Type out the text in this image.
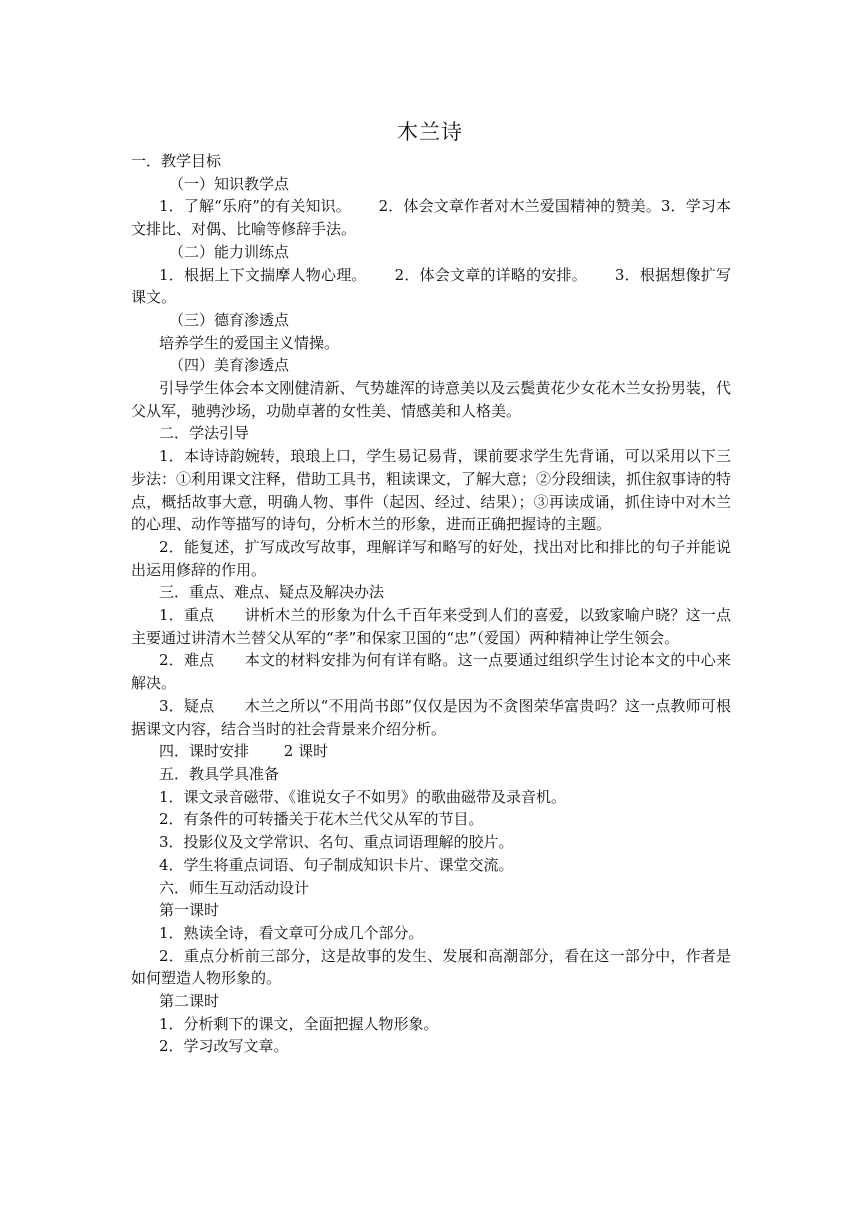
木兰诗

一．教学目标

（一）知识教学点

1．了解“乐府”的有关知识。　　 2．体会文章作者对木兰爱国精神的赞美。3．学习本文排比、对偶、比喻等修辞手法。

（二）能力训练点

1．根据上下文揣摩人物心理。　　 2．体会文章的详略的安排。　　 3．根据想像扩写课文。

（三）德育渗透点

培养学生的爱国主义情操。

（四）美育渗透点

引导学生体会本文刚健清新、气势雄浑的诗意美以及云鬓黄花少女花木兰女扮男装，代父从军，驰骋沙场，功勋卓著的女性美、情感美和人格美。

二．学法引导

1．本诗诗韵婉转，琅琅上口，学生易记易背，课前要求学生先背诵，可以采用以下三步法：①利用课文注释，借助工具书，粗读课文，了解大意；②分段细读，抓住叙事诗的特点，概括故事大意，明确人物、事件（起因、经过、结果）；③再读成诵，抓住诗中对木兰的心理、动作等描写的诗句，分析木兰的形象，进而正确把握诗的主题。

2．能复述，扩写成改写故事，理解详写和略写的好处，找出对比和排比的句子并能说出运用修辞的作用。

三．重点、难点、疑点及解决办法

1．重点　　讲析木兰的形象为什么千百年来受到人们的喜爱，以致家喻户晓？这一点主要通过讲清木兰替父从军的“孝”和保家卫国的“忠”（爱国）两种精神让学生领会。

2．难点　　本文的材料安排为何有详有略。这一点要通过组织学生讨论本文的中心来解决。

3．疑点　　木兰之所以“不用尚书郎”仅仅是因为不贪图荣华富贵吗？这一点教师可根据课文内容，结合当时的社会背景来介绍分析。

四．课时安排　　 2 课时

五．教具学具准备

1．课文录音磁带、《谁说女子不如男》的歌曲磁带及录音机。

2．有条件的可转播关于花木兰代父从军的节目。

3．投影仪及文学常识、名句、重点词语理解的胶片。

4．学生将重点词语、句子制成知识卡片、课堂交流。

六．师生互动活动设计

第一课时

1．熟读全诗，看文章可分成几个部分。

2．重点分析前三部分，这是故事的发生、发展和高潮部分，看在这一部分中，作者是如何塑造人物形象的。

第二课时

1．分析剩下的课文，全面把握人物形象。

2．学习改写文章。
